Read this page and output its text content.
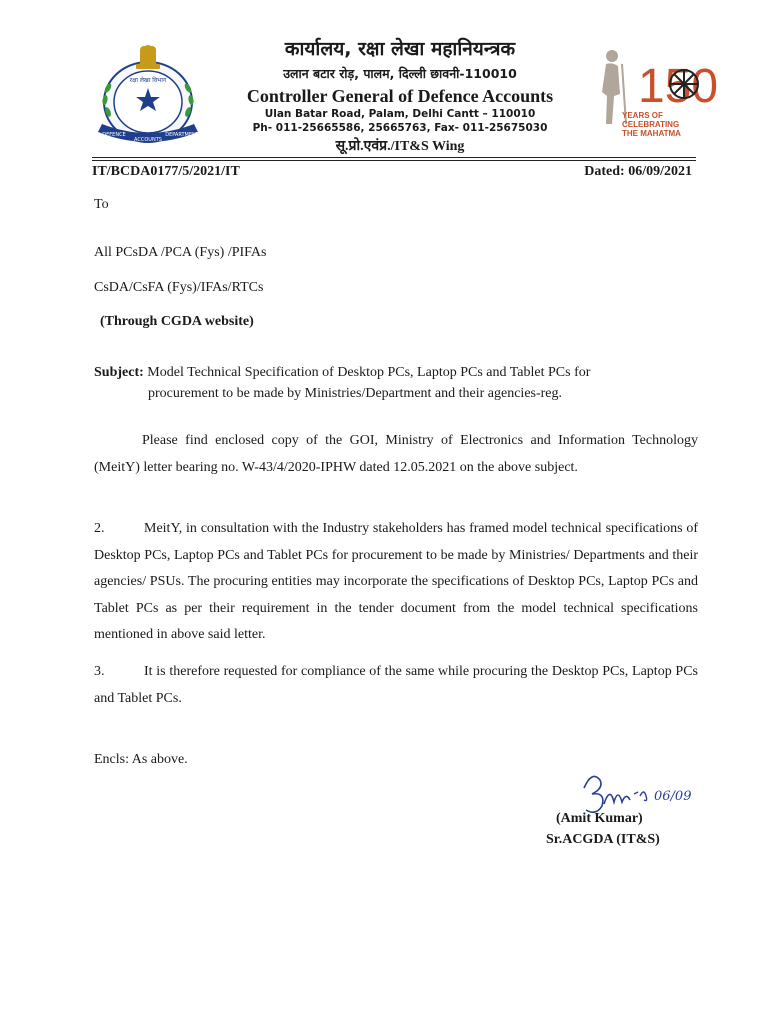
रक्षा लेखा विभाग
DEFENCE
ACCOUNTS
DEPARTMENT
कार्यालय, रक्षा लेखा महानियन्त्रक
उलान बटार रोड़, पालम, दिल्ली छावनी-110010
Controller General of Defence Accounts
Ulan Batar Road, Palam, Delhi Cantt – 110010
Ph- 011-25665586, 25665763, Fax- 011-25675030
सू.प्रो.एवंप्र./IT&S Wing
150
YEARS OF
CELEBRATING
THE MAHATMA
IT/BCDA0177/5/2021/IT	Dated: 06/09/2021
To
All PCsDA /PCA (Fys) /PIFAs
CsDA/CsFA (Fys)/IFAs/RTCs
(Through CGDA website)
Subject: Model Technical Specification of Desktop PCs, Laptop PCs and Tablet PCs for
procurement to be made by Ministries/Department and their agencies-reg.
Please find enclosed copy of the GOI, Ministry of Electronics and Information Technology (MeitY) letter bearing no. W-43/4/2020-IPHW dated 12.05.2021 on the above subject.
2.	MeitY, in consultation with the Industry stakeholders has framed model technical specifications of Desktop PCs, Laptop PCs and Tablet PCs for procurement to be made by Ministries/ Departments and their agencies/ PSUs. The procuring entities may incorporate the specifications of Desktop PCs, Laptop PCs and Tablet PCs as per their requirement in the tender document from the model technical specifications mentioned in above said letter.
3.	It is therefore requested for compliance of the same while procuring the Desktop PCs, Laptop PCs and Tablet PCs.
Encls: As above.
06/09
(Amit Kumar)
Sr.ACGDA (IT&S)
